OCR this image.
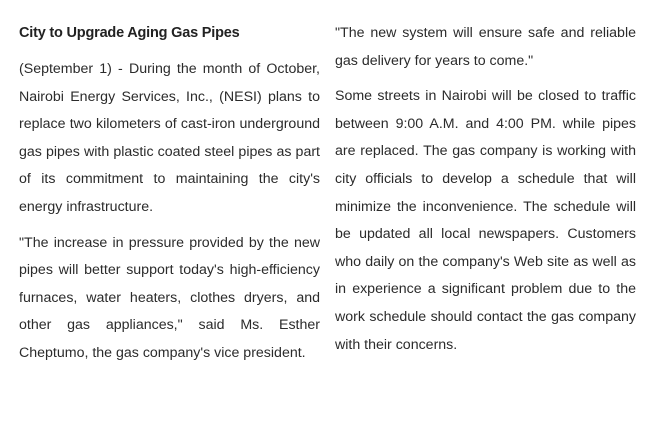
City to Upgrade Aging Gas Pipes

(September 1) - During the month of October, Nairobi Energy Services, Inc., (NESI) plans to replace two kilometers of cast-iron underground gas pipes with plastic coated steel pipes as part of its commitment to maintaining the city's energy infrastructure.

"The increase in pressure provided by the new pipes will better support today's high-efficiency furnaces, water heaters, clothes dryers, and other gas appliances," said Ms. Esther Cheptumo, the gas company's vice president.

"The new system will ensure safe and reliable gas delivery for years to come."

Some streets in Nairobi will be closed to traffic between 9:00 A.M. and 4:00 PM. while pipes are replaced. The gas company is working with city officials to develop a schedule that will minimize the inconvenience. The schedule will be updated all local newspapers. Customers who daily on the company's Web site as well as in experience a significant problem due to the work schedule should contact the gas company with their concerns.
